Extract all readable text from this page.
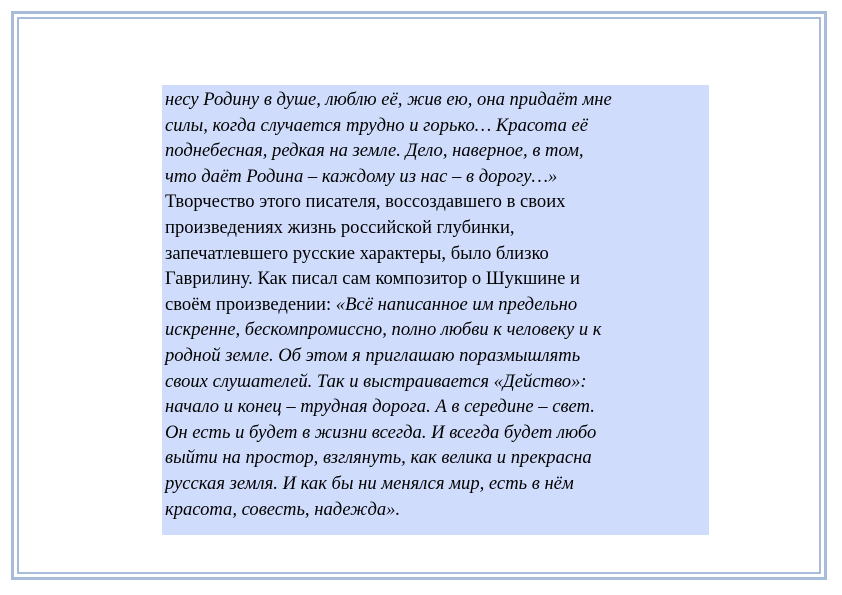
несу Родину в душе, люблю её, жив ею, она придаёт мне
силы, когда случается трудно и горько… Красота её
поднебесная, редкая на земле. Дело, наверное, в том,
что даёт Родина – каждому из нас – в дорогу…»
Творчество этого писателя, воссоздавшего в своих
произведениях жизнь российской глубинки,
запечатлевшего русские характеры, было близко
Гаврилину. Как писал сам композитор о Шукшине и
своём произведении: «Всё написанное им предельно
искренне, бескомпромиссно, полно любви к человеку и к
родной земле. Об этом я приглашаю поразмышлять
своих слушателей. Так и выстраивается «Действо»:
начало и конец – трудная дорога. А в середине – свет.
Он есть и будет в жизни всегда. И всегда будет любо
выйти на простор, взглянуть, как велика и прекрасна
русская земля. И как бы ни менялся мир, есть в нём
красота, совесть, надежда».
